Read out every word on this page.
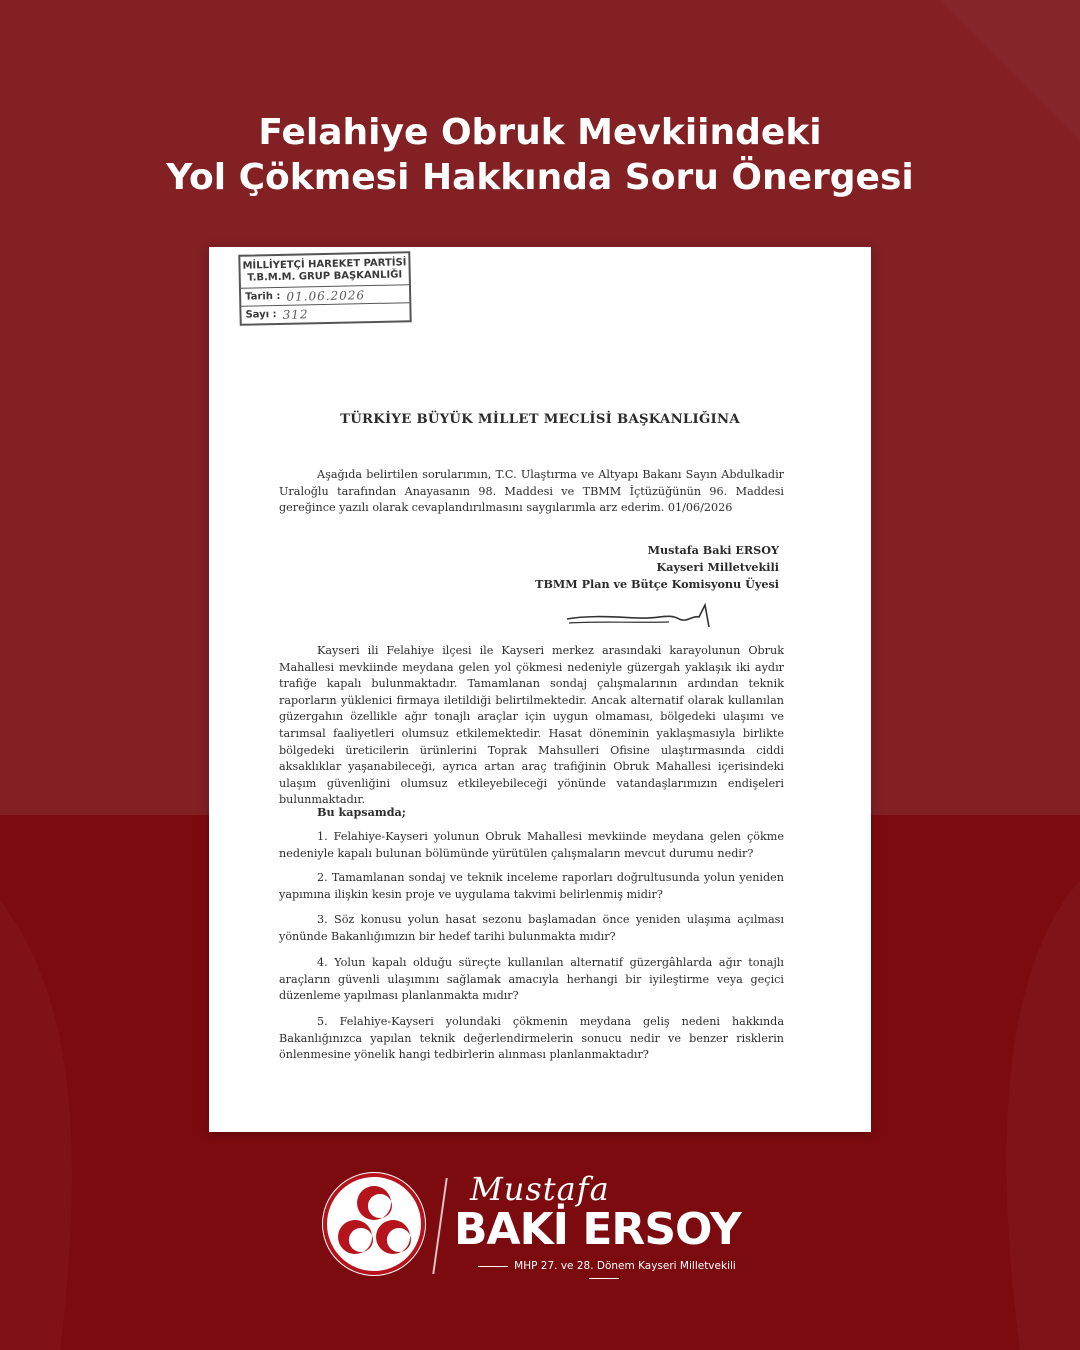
Felahiye Obruk Mevkiindeki
Yol Çökmesi Hakkında Soru Önergesi
MİLLİYETÇİ HAREKET PARTİSİ
T.B.M.M. GRUP BAŞKANLIĞI
Tarih : 01.06.2026
Sayı : 312
TÜRKİYE BÜYÜK MİLLET MECLİSİ BAŞKANLIĞINA
Aşağıda belirtilen sorularımın, T.C. Ulaştırma ve Altyapı Bakanı Sayın Abdulkadir Uraloğlu tarafından Anayasanın 98. Maddesi ve TBMM İçtüzüğünün 96. Maddesi gereğince yazılı olarak cevaplandırılmasını saygılarımla arz ederim. 01/06/2026
Mustafa Baki ERSOY
Kayseri Milletvekili
TBMM Plan ve Bütçe Komisyonu Üyesi
Kayseri ili Felahiye ilçesi ile Kayseri merkez arasındaki karayolunun Obruk Mahallesi mevkiinde meydana gelen yol çökmesi nedeniyle güzergah yaklaşık iki aydır trafiğe kapalı bulunmaktadır. Tamamlanan sondaj çalışmalarının ardından teknik raporların yüklenici firmaya iletildiği belirtilmektedir. Ancak alternatif olarak kullanılan güzergahın özellikle ağır tonajlı araçlar için uygun olmaması, bölgedeki ulaşımı ve tarımsal faaliyetleri olumsuz etkilemektedir. Hasat döneminin yaklaşmasıyla birlikte bölgedeki üreticilerin ürünlerini Toprak Mahsulleri Ofisine ulaştırmasında ciddi aksaklıklar yaşanabileceği, ayrıca artan araç trafiğinin Obruk Mahallesi içerisindeki ulaşım güvenliğini olumsuz etkileyebileceği yönünde vatandaşlarımızın endişeleri bulunmaktadır.
Bu kapsamda;
1. Felahiye-Kayseri yolunun Obruk Mahallesi mevkiinde meydana gelen çökme nedeniyle kapalı bulunan bölümünde yürütülen çalışmaların mevcut durumu nedir?
2. Tamamlanan sondaj ve teknik inceleme raporları doğrultusunda yolun yeniden yapımına ilişkin kesin proje ve uygulama takvimi belirlenmiş midir?
3. Söz konusu yolun hasat sezonu başlamadan önce yeniden ulaşıma açılması yönünde Bakanlığımızın bir hedef tarihi bulunmakta mıdır?
4. Yolun kapalı olduğu süreçte kullanılan alternatif güzergâhlarda ağır tonajlı araçların güvenli ulaşımını sağlamak amacıyla herhangi bir iyileştirme veya geçici düzenleme yapılması planlanmakta mıdır?
5. Felahiye-Kayseri yolundaki çökmenin meydana geliş nedeni hakkında Bakanlığınızca yapılan teknik değerlendirmelerin sonucu nedir ve benzer risklerin önlenmesine yönelik hangi tedbirlerin alınması planlanmaktadır?
Mustafa
BAKİ ERSOY
MHP 27. ve 28. Dönem Kayseri Milletvekili
